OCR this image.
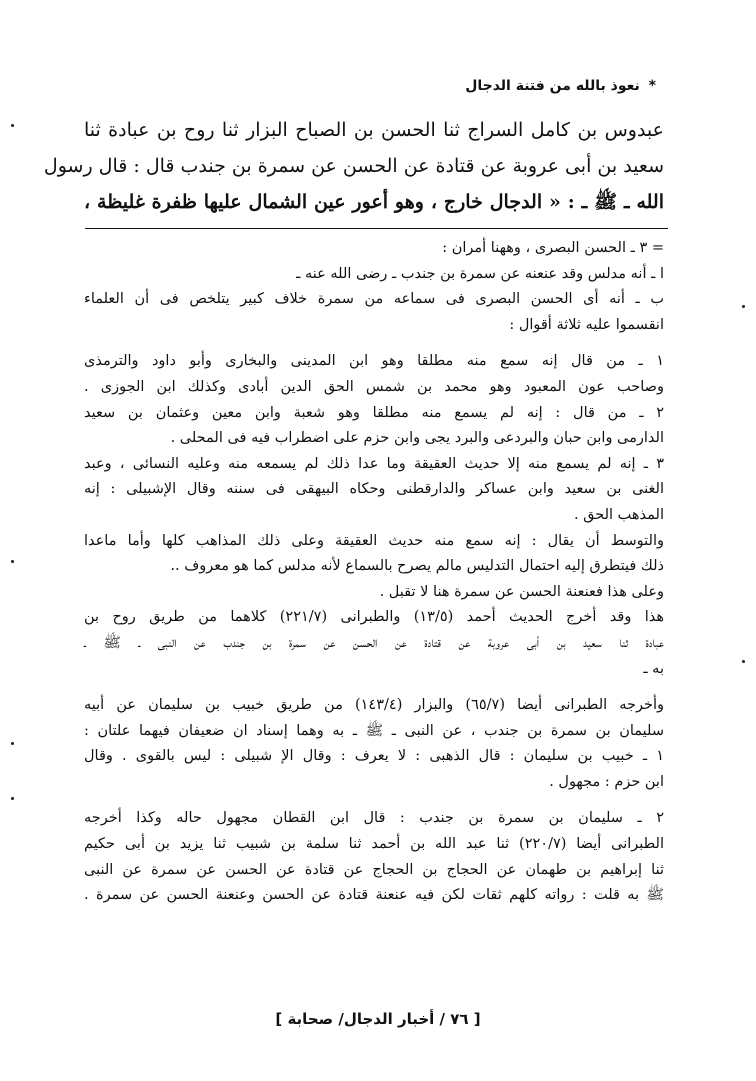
* نعوذ بالله من فتنة الدجال
عبدوس بن كامل السراج ثنا الحسن بن الصباح البزار ثنا روح بن عبادة ثنا
سعيد بن أبى عروبة عن قتادة عن الحسن عن سمرة بن جندب قال : قال رسول
الله ـ ﷺ ـ : « الدجال خارج ، وهو أعور عين الشمال عليها ظفرة غليظة ،
= ٣ ـ الحسن البصرى ، وههنا أمران :
ا ـ أنه مدلس وقد عنعنه عن سمرة بن جندب ـ رضى الله عنه ـ
ب ـ أنه أى الحسن البصرى فى سماعه من سمرة خلاف كبير يتلخص فى أن العلماء
انقسموا عليه ثلاثة أقوال :
١ ـ من قال إنه سمع منه مطلقا وهو ابن المدينى والبخارى وأبو داود والترمذى
وصاحب عون المعبود وهو محمد بن شمس الحق الدين أبادى وكذلك ابن الجوزى .
٢ ـ من قال : إنه لم يسمع منه مطلقا وهو شعبة وابن معين وعثمان بن سعيد
الدارمى وابن حبان والبردعى والبرد يجى وابن حزم على اضطراب فيه فى المحلى .
٣ ـ إنه لم يسمع منه إلا حديث العقيقة وما عدا ذلك لم يسمعه منه وعليه النسائى ، وعبد
الغنى بن سعيد وابن عساكر والدارقطنى وحكاه البيهقى فى سننه وقال الإشبيلى : إنه
المذهب الحق .
والتوسط أن يقال : إنه سمع منه حديث العقيقة وعلى ذلك المذاهب كلها وأما ماعدا
ذلك فيتطرق إليه احتمال التدليس مالم يصرح بالسماع لأنه مدلس كما هو معروف ..
وعلى هذا فعنعنة الحسن عن سمرة هنا لا تقبل .
هذا وقد أخرج الحديث أحمد (١٣/٥) والطبرانى (٢٢١/٧) كلاهما من طريق روح بن
عبادة ثنا سعيد بن أبى عروبة عن قتادة عن الحسن عن سمرة بن جندب عن النبى ـ ﷺ ـ
به ـ
وأخرجه الطبرانى أيضا (٦٥/٧) والبزار (١٤٣/٤) من طريق خبيب بن سليمان عن أبيه
سليمان بن سمرة بن جندب ، عن النبى ـ ﷺ ـ به وهما إسناد ان ضعيفان فيهما علتان :
١ ـ خبيب بن سليمان : قال الذهبى : لا يعرف : وقال الإ شبيلى : ليس بالقوى . وقال
ابن حزم : مجهول .
٢ ـ سليمان بن سمرة بن جندب : قال ابن القطان مجهول حاله وكذا أخرجه
الطبرانى أيضا (٢٢٠/٧) ثنا عبد الله بن أحمد ثنا سلمة بن شبيب ثنا يزيد بن أبى حكيم
ثنا إبراهيم بن طهمان عن الحجاج بن الحجاج عن قتادة عن الحسن عن سمرة عن النبى
ﷺ به قلت : رواته كلهم ثقات لكن فيه عنعنة قتادة عن الحسن وعنعنة الحسن عن سمرة .
[ ٧٦ / أخبار الدجال/ صحابة ]
